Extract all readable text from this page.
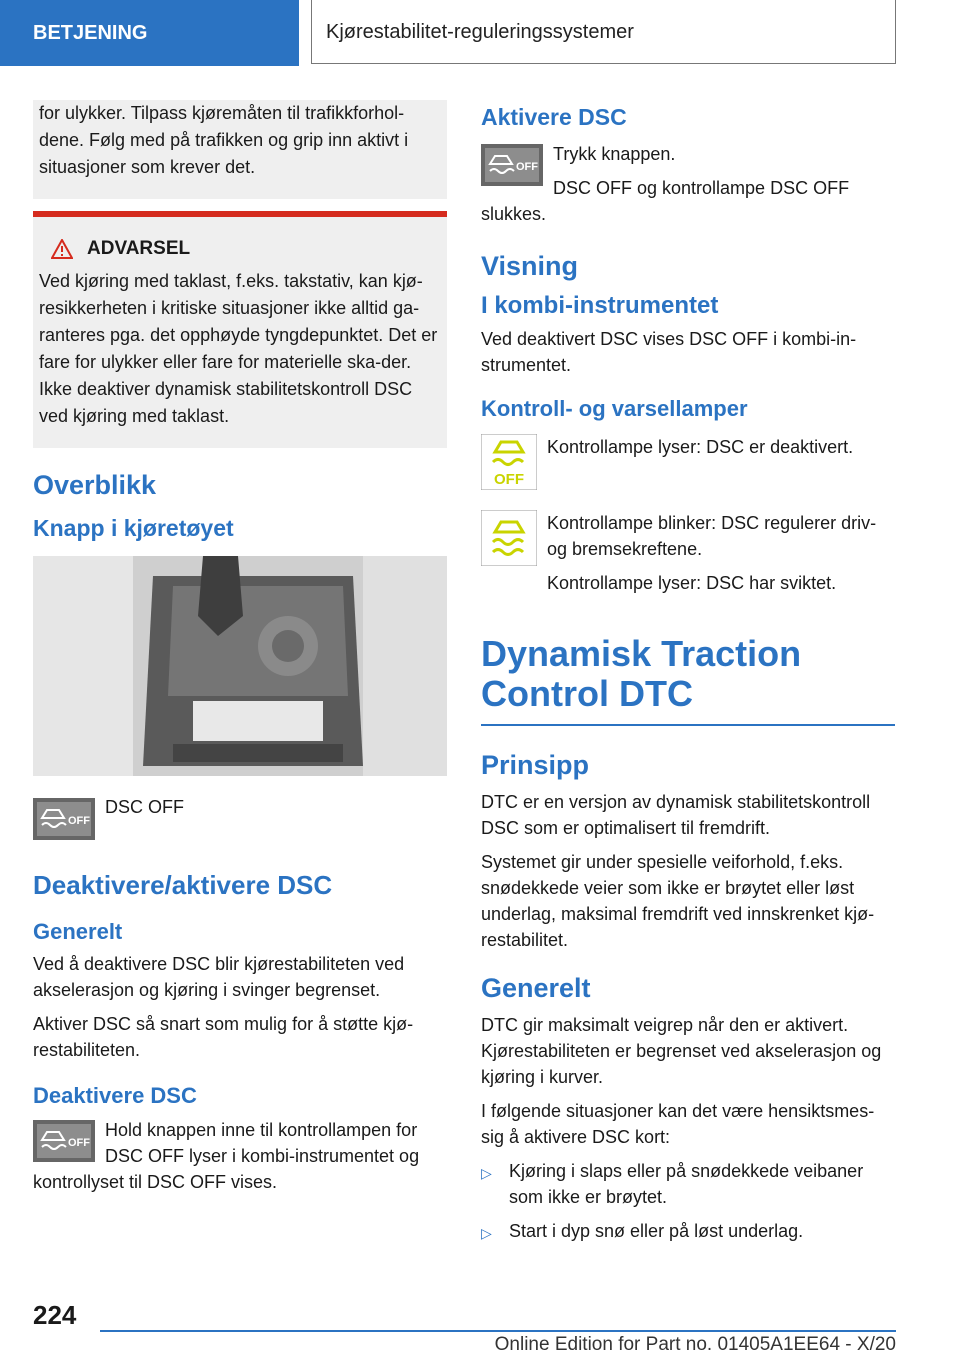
BETJENING	Kjørestabilitet-reguleringssystemer
for ulykker. Tilpass kjøremåten til trafikkforhol-dene. Følg med på trafikken og grip inn aktivt i situasjoner som krever det.
ADVARSEL
Ved kjøring med taklast, f.eks. takstativ, kan kjø-resikkerheten i kritiske situasjoner ikke alltid ga-ranteres pga. det opphøyde tyngdepunktet. Det er fare for ulykker eller fare for materielle ska-der. Ikke deaktiver dynamisk stabilitetskontroll DSC ved kjøring med taklast.
Overblikk
Knapp i kjøretøyet
OFF
DSC OFF
Deaktivere/aktivere DSC
Generelt

Ved å deaktivere DSC blir kjørestabiliteten ved akselerasjon og kjøring i svinger begrenset.

Aktiver DSC så snart som mulig for å støtte kjø-restabiliteten.

Deaktivere DSC
OFF

Hold knappen inne til kontrollampen for DSC OFF lyser i kombi-instrumentet og kontrollyset til DSC OFF vises.

Aktivere DSC
OFF

Trykk knappen.

DSC OFF og kontrollampe DSC OFF slukkes.

Visning
I kombi-instrumentet

Ved deaktivert DSC vises DSC OFF i kombi-in-strumentet.

Kontroll- og varsellamper
OFF
Kontrollampe lyser: DSC er deaktivert.

Kontrollampe blinker: DSC regulerer driv- og bremsekreftene.

Kontrollampe lyser: DSC har sviktet.

Dynamisk Traction Control DTC
Prinsipp

DTC er en versjon av dynamisk stabilitetskontroll DSC som er optimalisert til fremdrift.

Systemet gir under spesielle veiforhold, f.eks. snødekkede veier som ikke er brøytet eller løst underlag, maksimal fremdrift ved innskrenket kjø-restabilitet.

Generelt

DTC gir maksimalt veigrep når den er aktivert. Kjørestabiliteten er begrenset ved akselerasjon og kjøring i kurver.

I følgende situasjoner kan det være hensiktsmes-sig å aktivere DSC kort:

▷ Kjøring i slaps eller på snødekkede veibaner som ikke er brøytet.
▷ Start i dyp snø eller på løst underlag.
224
Online Edition for Part no. 01405A1EE64 - X/20
